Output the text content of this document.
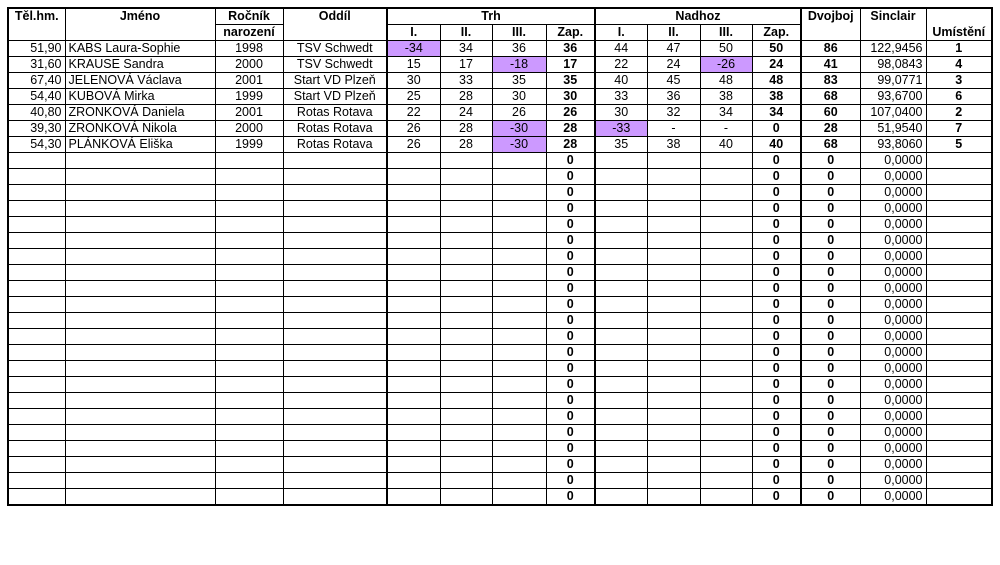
Těl.hm.	Jméno	Ročník	Oddíl	Trh				Nadhoz				Dvojboj	Sinclair	Umístění
		narození		I.	II.	III.	Zap.	I.	II.	III.	Zap.			
51,90	KABS Laura-Sophie	1998	TSV Schwedt	-34	34	36	36	44	47	50	50	86	122,9456	1
31,60	KRAUSE Sandra	2000	TSV Schwedt	15	17	-18	17	22	24	-26	24	41	98,0843	4
67,40	JELENOVÁ Václava	2001	Start VD Plzeň	30	33	35	35	40	45	48	48	83	99,0771	3
54,40	KUBOVÁ Mirka	1999	Start VD Plzeň	25	28	30	30	33	36	38	38	68	93,6700	6
40,80	ZRONKOVÁ Daniela	2001	Rotas Rotava	22	24	26	26	30	32	34	34	60	107,0400	2
39,30	ZRONKOVÁ Nikola	2000	Rotas Rotava	26	28	-30	28	-33	-	-	0	28	51,9540	7
54,30	PLÁNKOVÁ Eliška	1999	Rotas Rotava	26	28	-30	28	35	38	40	40	68	93,8060	5
							0				0	0	0,0000	
							0				0	0	0,0000	
							0				0	0	0,0000	
							0				0	0	0,0000	
							0				0	0	0,0000	
							0				0	0	0,0000	
							0				0	0	0,0000	
							0				0	0	0,0000	
							0				0	0	0,0000	
							0				0	0	0,0000	
							0				0	0	0,0000	
							0				0	0	0,0000	
							0				0	0	0,0000	
							0				0	0	0,0000	
							0				0	0	0,0000	
							0				0	0	0,0000	
							0				0	0	0,0000	
							0				0	0	0,0000	
							0				0	0	0,0000	
							0				0	0	0,0000	
							0				0	0	0,0000	
							0				0	0	0,0000	
